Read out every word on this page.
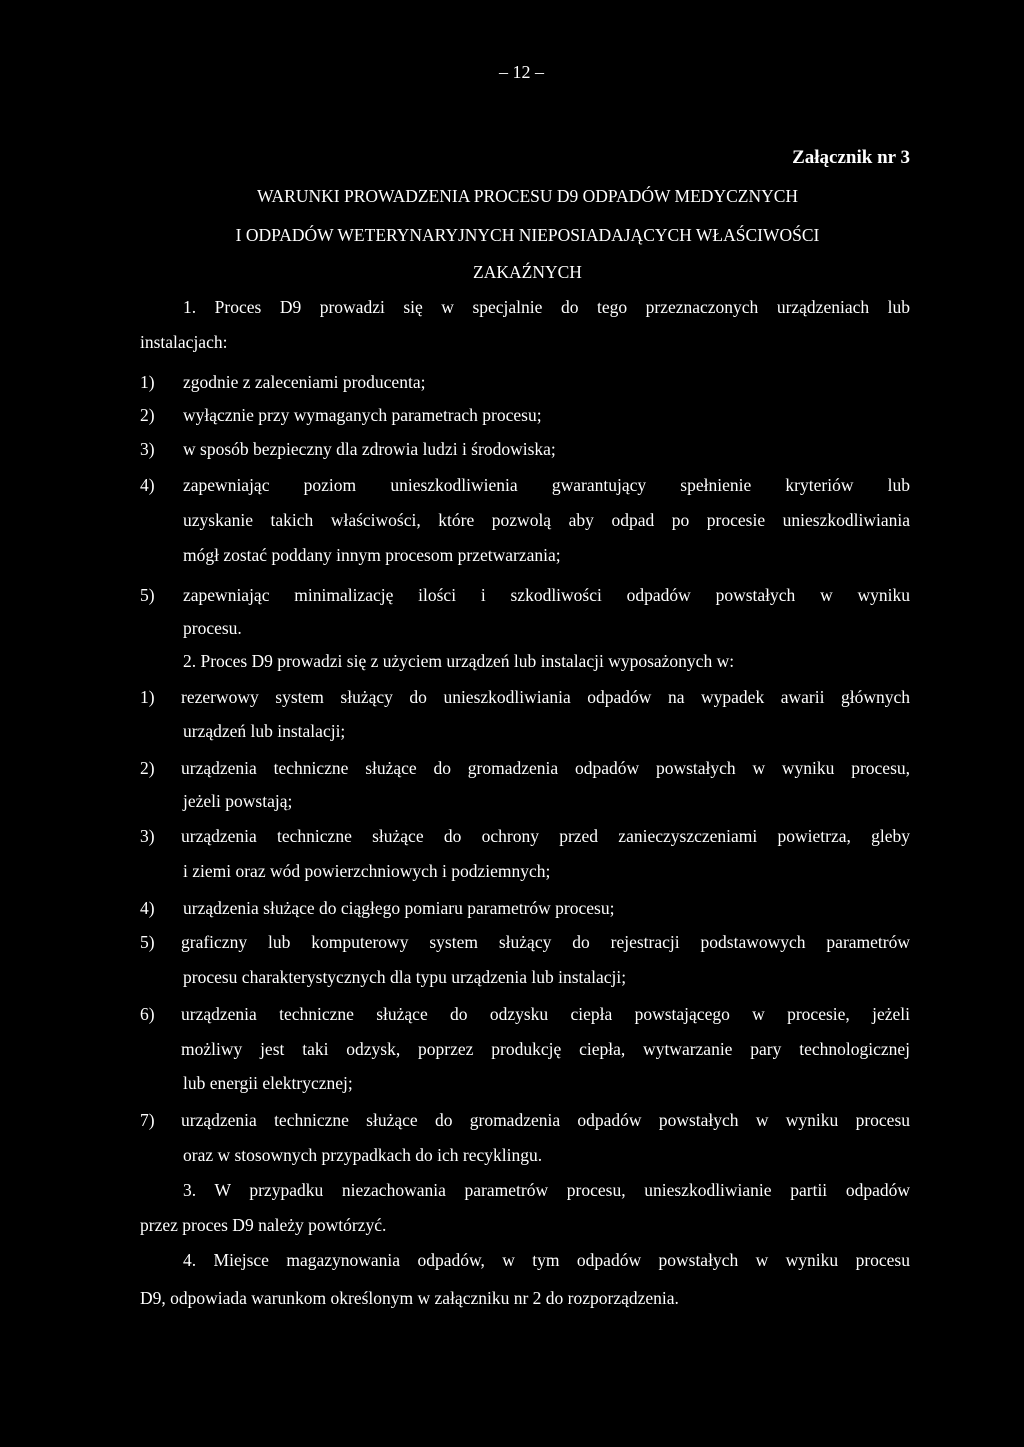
– 12 –
Załącznik nr 3
WARUNKI PROWADZENIA PROCESU D9 ODPADÓW MEDYCZNYCH
I ODPADÓW WETERYNARYJNYCH NIEPOSIADAJĄCYCH WŁAŚCIWOŚCI
ZAKAŹNYCH
1. Proces D9 prowadzi się w specjalnie do tego przeznaczonych urządzeniach lub
instalacjach:
1) zgodnie z zaleceniami producenta;
2) wyłącznie przy wymaganych parametrach procesu;
3) w sposób bezpieczny dla zdrowia ludzi i środowiska;
4) zapewniając poziom unieszkodliwienia gwarantujący spełnienie kryteriów lub
uzyskanie takich właściwości, które pozwolą aby odpad po procesie unieszkodliwiania
mógł zostać poddany innym procesom przetwarzania;
5) zapewniając minimalizację ilości i szkodliwości odpadów powstałych w wyniku
procesu.
2. Proces D9 prowadzi się z użyciem urządzeń lub instalacji wyposażonych w:
1) rezerwowy system służący do unieszkodliwiania odpadów na wypadek awarii głównych
urządzeń lub instalacji;
2) urządzenia techniczne służące do gromadzenia odpadów powstałych w wyniku procesu,
jeżeli powstają;
3) urządzenia techniczne służące do ochrony przed zanieczyszczeniami powietrza, gleby
i ziemi oraz wód powierzchniowych i podziemnych;
4) urządzenia służące do ciągłego pomiaru parametrów procesu;
5) graficzny lub komputerowy system służący do rejestracji podstawowych parametrów
procesu charakterystycznych dla typu urządzenia lub instalacji;
6) urządzenia techniczne służące do odzysku ciepła powstającego w procesie, jeżeli
możliwy jest taki odzysk, poprzez produkcję ciepła, wytwarzanie pary technologicznej
lub energii elektrycznej;
7) urządzenia techniczne służące do gromadzenia odpadów powstałych w wyniku procesu
oraz w stosownych przypadkach do ich recyklingu.
3. W przypadku niezachowania parametrów procesu, unieszkodliwianie partii odpadów
przez proces D9 należy powtórzyć.
4. Miejsce magazynowania odpadów, w tym odpadów powstałych w wyniku procesu
D9, odpowiada warunkom określonym w załączniku nr 2 do rozporządzenia.
